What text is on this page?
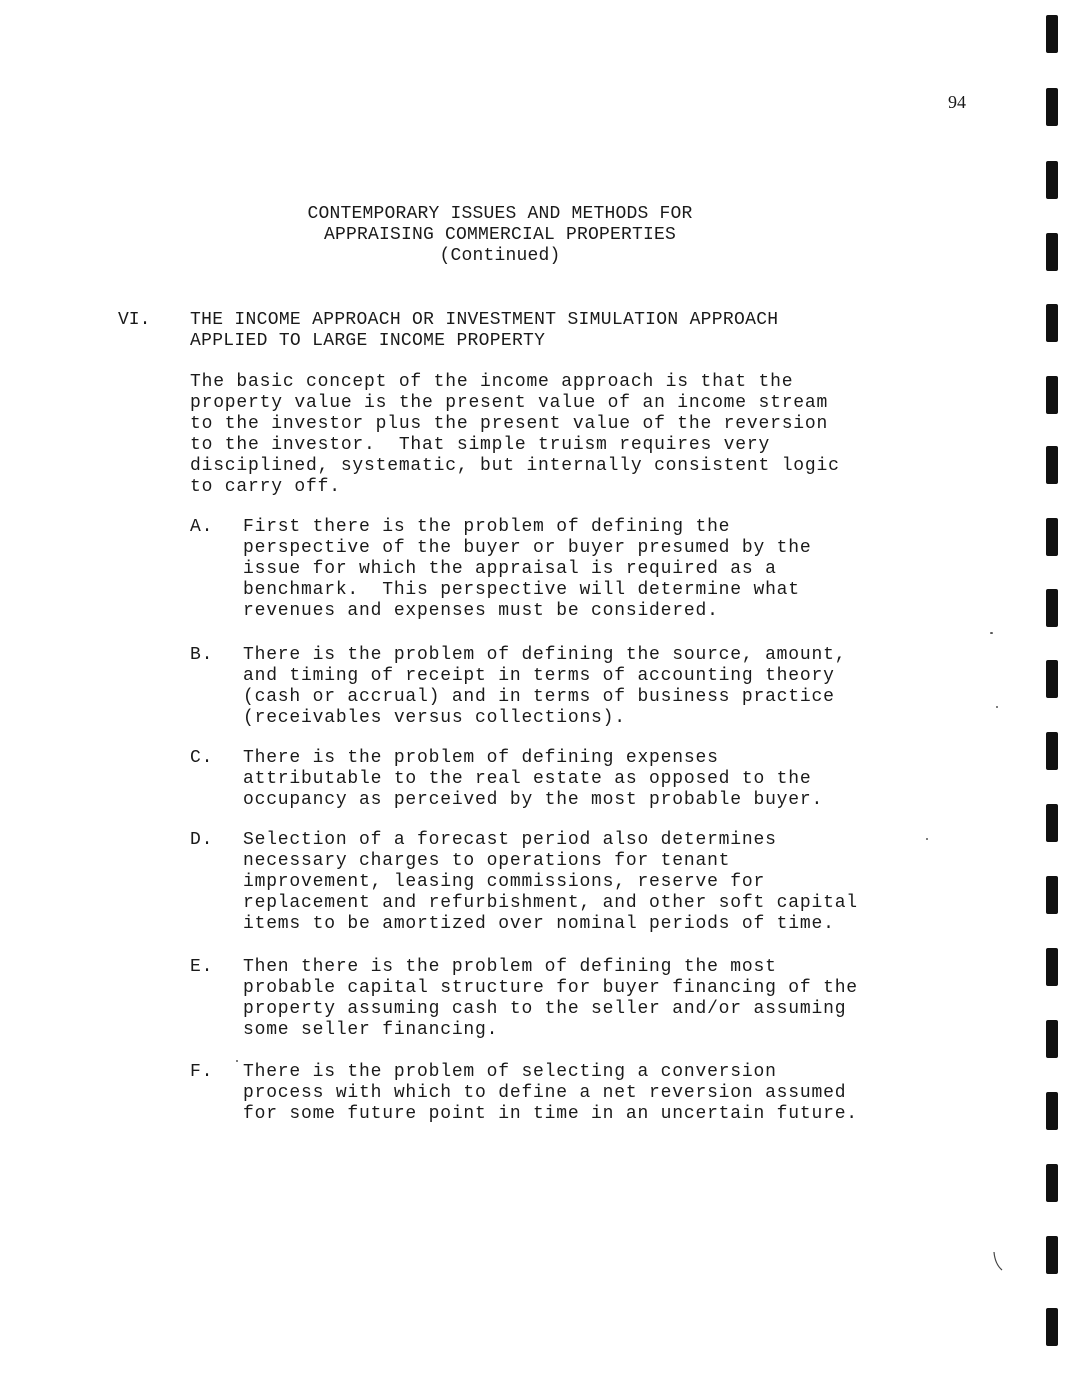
94
CONTEMPORARY ISSUES AND METHODS FOR
APPRAISING COMMERCIAL PROPERTIES
(Continued)
VI. THE INCOME APPROACH OR INVESTMENT SIMULATION APPROACH
APPLIED TO LARGE INCOME PROPERTY
The basic concept of the income approach is that the
property value is the present value of an income stream
to the investor plus the present value of the reversion
to the investor.  That simple truism requires very
disciplined, systematic, but internally consistent logic
to carry off.
A. First there is the problem of defining the
perspective of the buyer or buyer presumed by the
issue for which the appraisal is required as a
benchmark.  This perspective will determine what
revenues and expenses must be considered.
B. There is the problem of defining the source, amount,
and timing of receipt in terms of accounting theory
(cash or accrual) and in terms of business practice
(receivables versus collections).
C. There is the problem of defining expenses
attributable to the real estate as opposed to the
occupancy as perceived by the most probable buyer.
D. Selection of a forecast period also determines
necessary charges to operations for tenant
improvement, leasing commissions, reserve for
replacement and refurbishment, and other soft capital
items to be amortized over nominal periods of time.
E. Then there is the problem of defining the most
probable capital structure for buyer financing of the
property assuming cash to the seller and/or assuming
some seller financing.
F. There is the problem of selecting a conversion
process with which to define a net reversion assumed
for some future point in time in an uncertain future.
